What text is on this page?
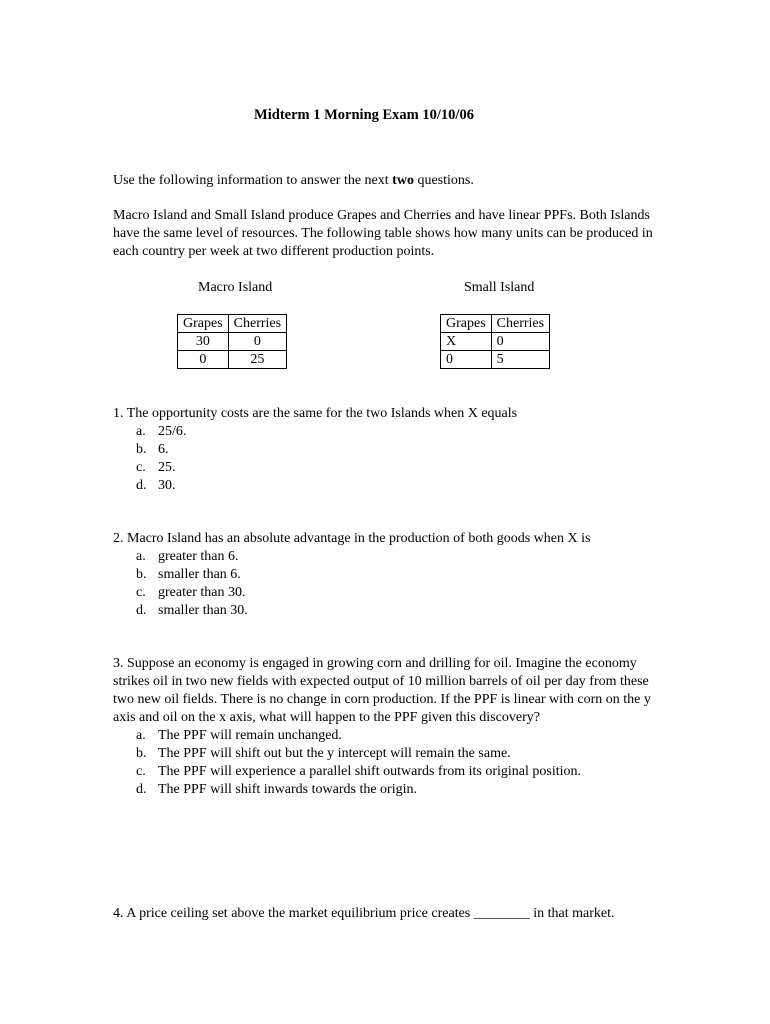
Midterm 1 Morning Exam 10/10/06
Use the following information to answer the next two questions.
Macro Island and Small Island produce Grapes and Cherries and have linear PPFs. Both Islands have the same level of resources. The following table shows how many units can be produced in each country per week at two different production points.
Macro Island	Small Island
Grapes	Cherries
30	0
0	25
Grapes	Cherries
X	0
0	5
1. The opportunity costs are the same for the two Islands when X equals
a. 25/6.
b. 6.
c. 25.
d. 30.
2. Macro Island has an absolute advantage in the production of both goods when X is
a. greater than 6.
b. smaller than 6.
c. greater than 30.
d. smaller than 30.
3. Suppose an economy is engaged in growing corn and drilling for oil. Imagine the economy strikes oil in two new fields with expected output of 10 million barrels of oil per day from these two new oil fields. There is no change in corn production. If the PPF is linear with corn on the y axis and oil on the x axis, what will happen to the PPF given this discovery?
a. The PPF will remain unchanged.
b. The PPF will shift out but the y intercept will remain the same.
c. The PPF will experience a parallel shift outwards from its original position.
d. The PPF will shift inwards towards the origin.
4. A price ceiling set above the market equilibrium price creates ________ in that market.
